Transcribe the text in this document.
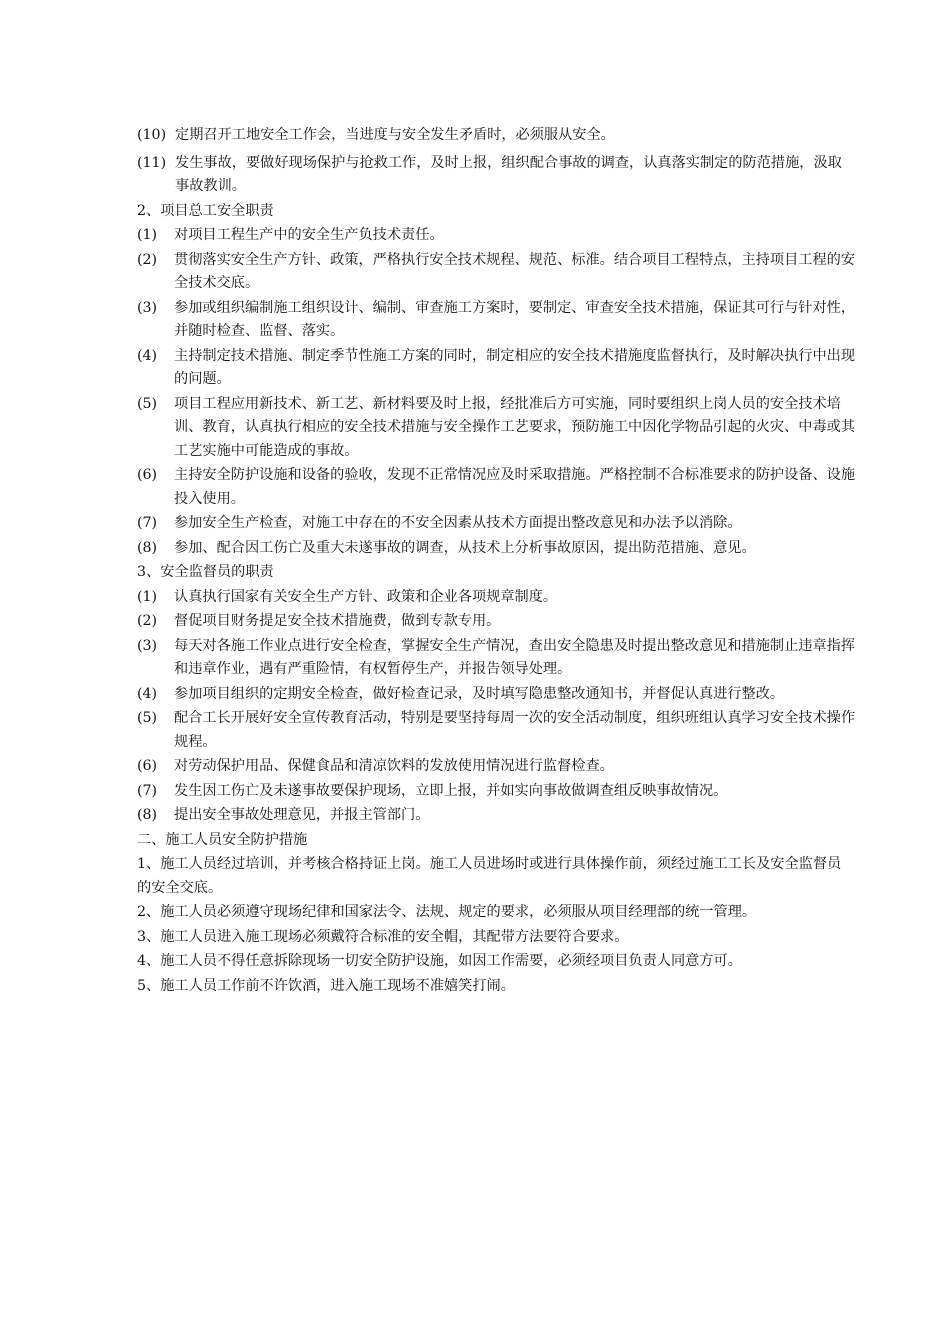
(10) 定期召开工地安全工作会，当进度与安全发生矛盾时，必须服从安全。
(11) 发生事故，要做好现场保护与抢救工作，及时上报，组织配合事故的调查，认真落实制定的防范措施，汲取事故教训。
2、项目总工安全职责
(1)	对项目工程生产中的安全生产负技术责任。
(2)	贯彻落实安全生产方针、政策，严格执行安全技术规程、规范、标准。结合项目工程特点，主持项目工程的安全技术交底。
(3)	参加或组织编制施工组织设计、编制、审查施工方案时，要制定、审查安全技术措施，保证其可行与针对性，并随时检查、监督、落实。
(4)	主持制定技术措施、制定季节性施工方案的同时，制定相应的安全技术措施度监督执行，及时解决执行中出现的问题。
(5)	项目工程应用新技术、新工艺、新材料要及时上报，经批准后方可实施，同时要组织上岗人员的安全技术培训、教育，认真执行相应的安全技术措施与安全操作工艺要求，预防施工中因化学物品引起的火灾、中毒或其工艺实施中可能造成的事故。
(6)	主持安全防护设施和设备的验收，发现不正常情况应及时采取措施。严格控制不合标准要求的防护设备、设施投入使用。
(7)	参加安全生产检查，对施工中存在的不安全因素从技术方面提出整改意见和办法予以消除。
(8)	参加、配合因工伤亡及重大未遂事故的调查，从技术上分析事故原因，提出防范措施、意见。
3、安全监督员的职责
(1)	认真执行国家有关安全生产方针、政策和企业各项规章制度。
(2)	督促项目财务提足安全技术措施费，做到专款专用。
(3)	每天对各施工作业点进行安全检查，掌握安全生产情况，查出安全隐患及时提出整改意见和措施制止违章指挥和违章作业，遇有严重险情，有权暂停生产，并报告领导处理。
(4)	参加项目组织的定期安全检查，做好检查记录，及时填写隐患整改通知书，并督促认真进行整改。
(5)	配合工长开展好安全宣传教育活动，特别是要坚持每周一次的安全活动制度，组织班组认真学习安全技术操作规程。
(6)	对劳动保护用品、保健食品和清凉饮料的发放使用情况进行监督检查。
(7)	发生因工伤亡及未遂事故要保护现场，立即上报，并如实向事故做调查组反映事故情况。
(8)	提出安全事故处理意见，并报主管部门。
二、施工人员安全防护措施
1、施工人员经过培训，并考核合格持证上岗。施工人员进场时或进行具体操作前，须经过施工工长及安全监督员的安全交底。
2、施工人员必须遵守现场纪律和国家法令、法规、规定的要求，必须服从项目经理部的统一管理。
3、施工人员进入施工现场必须戴符合标准的安全帽，其配带方法要符合要求。
4、施工人员不得任意拆除现场一切安全防护设施，如因工作需要，必须经项目负责人同意方可。
5、施工人员工作前不许饮酒，进入施工现场不准嬉笑打闹。
